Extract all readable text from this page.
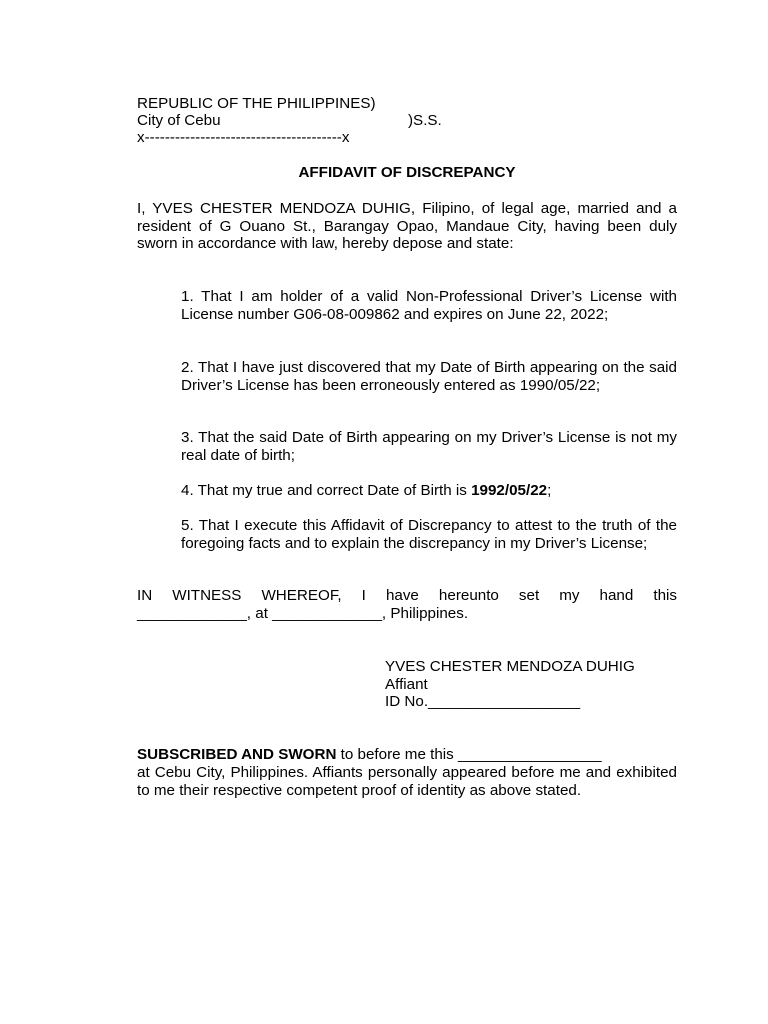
REPUBLIC OF THE PHILIPPINES)
City of Cebu	)S.S.
x---------------------------------------x
AFFIDAVIT OF DISCREPANCY
I, YVES CHESTER MENDOZA DUHIG, Filipino, of legal age, married and a resident of G Ouano St., Barangay Opao, Mandaue City, having been duly sworn in accordance with law, hereby depose and state:
1. That I am holder of a valid Non-Professional Driver’s License with License number G06-08-009862 and expires on June 22, 2022;
2. That I have just discovered that my Date of Birth appearing on the said Driver’s License has been erroneously entered as 1990/05/22;
3. That the said Date of Birth appearing on my Driver’s License is not my real date of birth;
4. That my true and correct Date of Birth is 1992/05/22;
5. That I execute this Affidavit of Discrepancy to attest to the truth of the foregoing facts and to explain the discrepancy in my Driver’s License;
IN WITNESS WHEREOF, I have hereunto set my hand this
_____________, at _____________, Philippines.
YVES CHESTER MENDOZA DUHIG
Affiant
ID No.__________________
SUBSCRIBED AND SWORN to before me this _________________
at Cebu City, Philippines. Affiants personally appeared before me and exhibited to me their respective competent proof of identity as above stated.
